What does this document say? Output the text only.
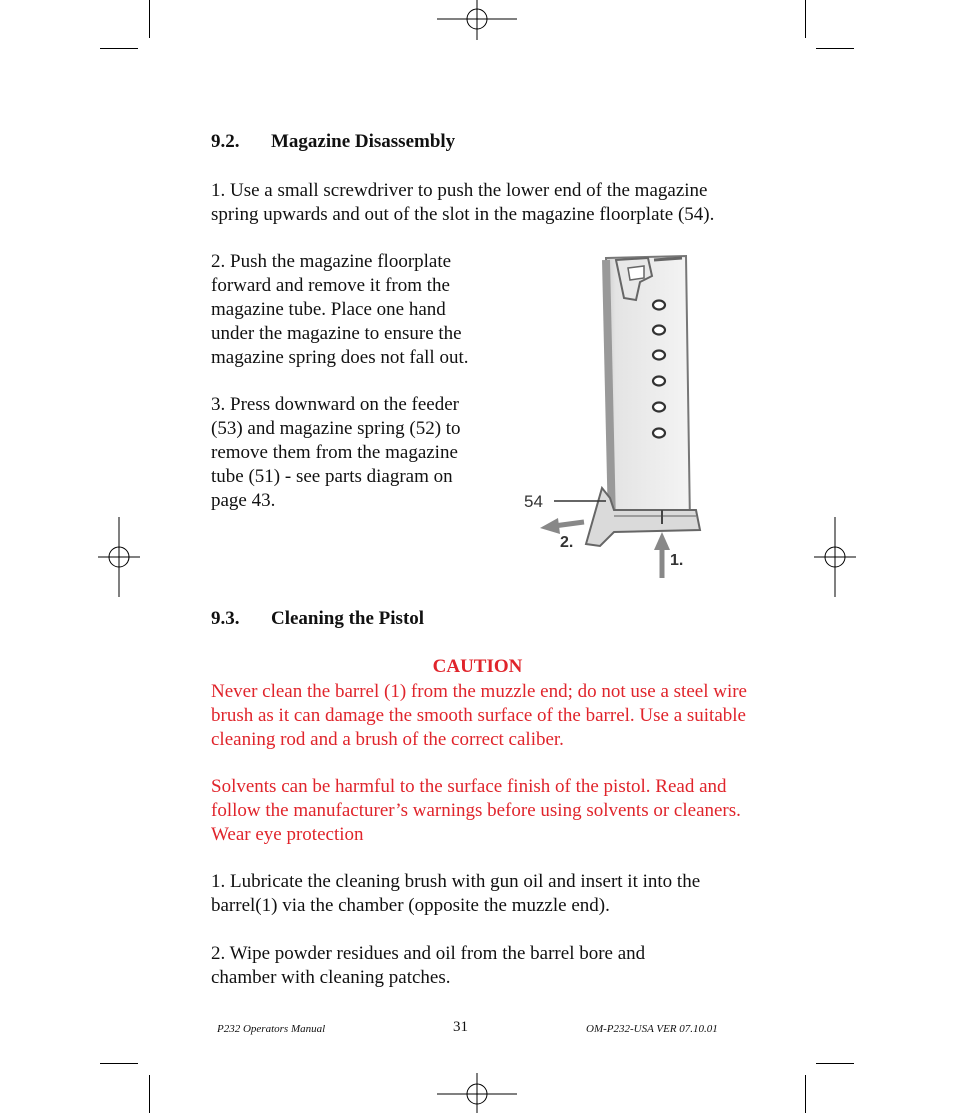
9.2. Magazine Disassembly

1. Use a small screwdriver to push the lower end of the magazine spring upwards and out of the slot in the magazine floorplate (54).

2. Push the magazine floorplate forward and remove it from the magazine tube. Place one hand under the magazine to ensure the magazine spring does not fall out.

3. Press downward on the feeder (53) and magazine spring (52) to remove them from the magazine tube (51) - see parts diagram on page 43.	54
2.
1.
9.3. Cleaning the Pistol
CAUTION

Never clean the barrel (1) from the muzzle end; do not use a steel wire brush as it can damage the smooth surface of the barrel. Use a suitable cleaning rod and a brush of the correct caliber.

Solvents can be harmful to the surface finish of the pistol. Read and follow the manufacturer’s warnings before using solvents or cleaners. Wear eye protection

1. Lubricate the cleaning brush with gun oil and insert it into the barrel(1) via the chamber (opposite the muzzle end).

2. Wipe powder residues and oil from the barrel bore and chamber with cleaning patches.

P232 Operators Manual	31	OM-P232-USA VER 07.10.01
